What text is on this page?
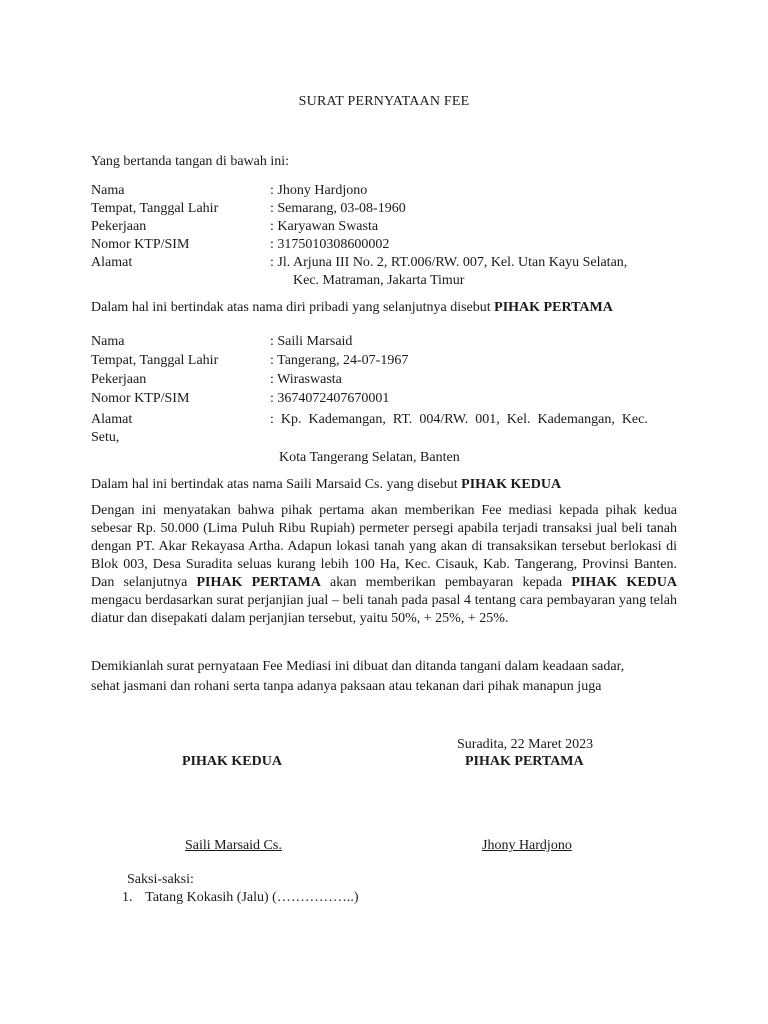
SURAT PERNYATAAN FEE
Yang bertanda tangan di bawah ini:
Nama	: Jhony Hardjono
Tempat, Tanggal Lahir	: Semarang, 03-08-1960
Pekerjaan	: Karyawan Swasta
Nomor KTP/SIM	: 3175010308600002
Alamat	: Jl. Arjuna III No. 2, RT.006/RW. 007, Kel. Utan Kayu Selatan,
Kec. Matraman, Jakarta Timur
Dalam hal ini bertindak atas nama diri pribadi yang selanjutnya disebut PIHAK PERTAMA
Nama	: Saili Marsaid
Tempat, Tanggal Lahir	: Tangerang, 24-07-1967
Pekerjaan	: Wiraswasta
Nomor KTP/SIM	: 3674072407670001
Alamat	:  Kp.  Kademangan,  RT.  004/RW.  001,  Kel.  Kademangan,  Kec.
Setu,
Kota Tangerang Selatan, Banten
Dalam hal ini bertindak atas nama Saili Marsaid Cs. yang disebut PIHAK KEDUA
Dengan ini menyatakan bahwa pihak pertama akan memberikan Fee mediasi kepada pihak kedua sebesar Rp. 50.000 (Lima Puluh Ribu Rupiah) permeter persegi apabila terjadi transaksi jual beli tanah dengan PT. Akar Rekayasa Artha. Adapun lokasi tanah yang akan di transaksikan tersebut berlokasi di Blok 003, Desa Suradita seluas kurang lebih 100 Ha, Kec. Cisauk, Kab. Tangerang, Provinsi Banten. Dan selanjutnya PIHAK PERTAMA akan memberikan pembayaran kepada PIHAK KEDUA mengacu berdasarkan surat perjanjian jual – beli tanah pada pasal 4 tentang cara pembayaran yang telah diatur dan disepakati dalam perjanjian tersebut, yaitu 50%, + 25%, + 25%.
Demikianlah surat pernyataan Fee Mediasi ini dibuat dan ditanda tangani dalam keadaan sadar,
sehat jasmani dan rohani serta tanpa adanya paksaan atau tekanan dari pihak manapun juga
Suradita, 22 Maret 2023
PIHAK KEDUA	PIHAK PERTAMA
Saili Marsaid Cs.	Jhony Hardjono
Saksi-saksi:
1. Tatang Kokasih (Jalu) (……………..)
